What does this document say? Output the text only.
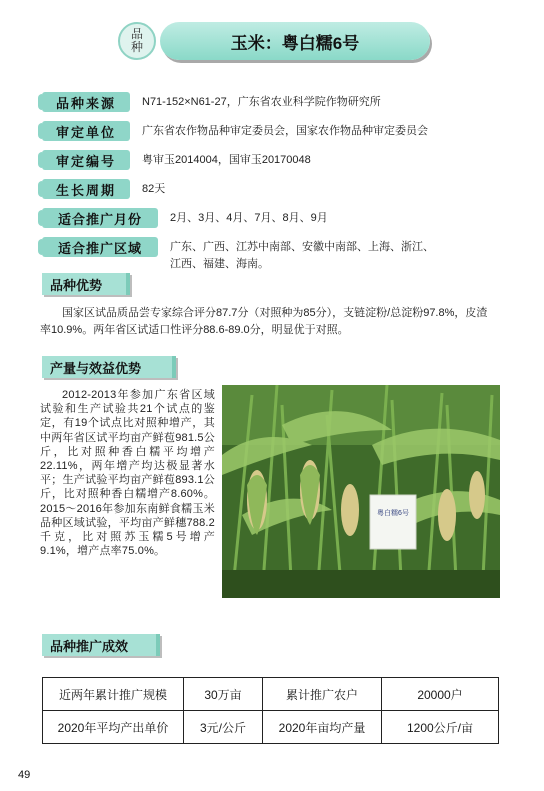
品
种	玉米：粤白糯6号
品种来源	N71-152×N61-27，广东省农业科学院作物研究所
审定单位	广东省农作物品种审定委员会，国家农作物品种审定委员会
审定编号	粤审玉2014004，国审玉20170048
生长周期	82天
适合推广月份	2月、3月、4月、7月、8月、9月
适合推广区域	广东、广西、江苏中南部、安徽中南部、上海、浙江、
江西、福建、海南。
品种优势
国家区试品质品尝专家综合评分87.7分（对照种为85分），支链淀粉/总淀粉97.8%，皮渣率10.9%。两年省区试适口性评分88.6-89.0分，明显优于对照。
产量与效益优势
2012-2013年参加广东省区域试验和生产试验共21个试点的鉴定，有19个试点比对照种增产，其中两年省区试平均亩产鲜苞981.5公斤，比对照种香白糯平均增产22.11%，两年增产均达极显著水平；生产试验平均亩产鲜苞893.1公斤，比对照种香白糯增产8.60%。2015～2016年参加东南鲜食糯玉米品种区域试验，平均亩产鲜穗788.2千克，比对照苏玉糯5号增产9.1%，增产点率75.0%。
粤白糯6号
品种推广成效
近两年累计推广规模	30万亩	累计推广农户	20000户
2020年平均产出单价	3元/公斤	2020年亩均产量	1200公斤/亩
49
